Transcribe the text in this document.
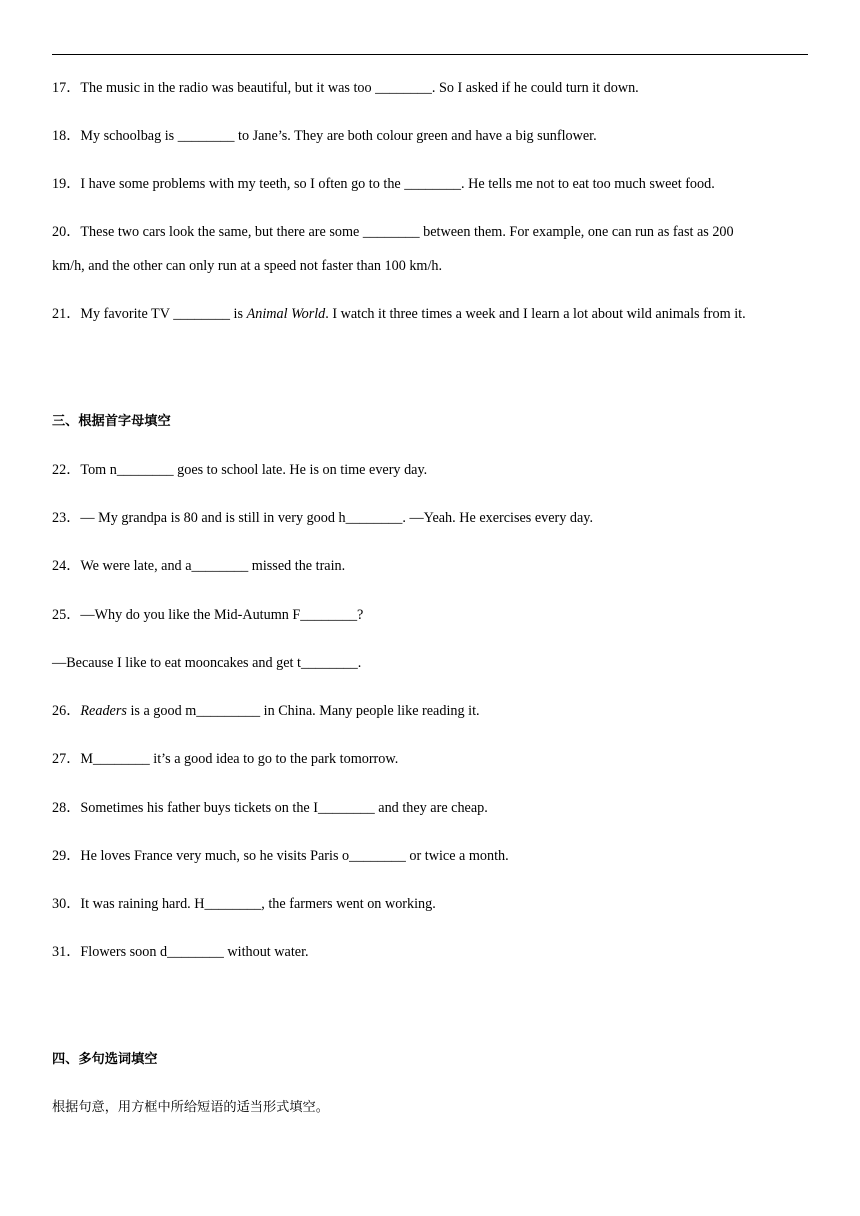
17．The music in the radio was beautiful, but it was too ________. So I asked if he could turn it down.
18．My schoolbag is ________ to Jane’s. They are both colour green and have a big sunflower.
19．I have some problems with my teeth, so I often go to the ________. He tells me not to eat too much sweet food.
20．These two cars look the same, but there are some ________ between them. For example, one can run as fast as 200
km/h, and the other can only run at a speed not faster than 100 km/h.
21．My favorite TV ________ is Animal World. I watch it three times a week and I learn a lot about wild animals from it.
三、根据首字母填空
22．Tom n________ goes to school late. He is on time every day.
23．— My grandpa is 80 and is still in very good h________. —Yeah. He exercises every day.
24．We were late, and a________ missed the train.
25．—Why do you like the Mid-Autumn F________?
—Because I like to eat mooncakes and get t________.
26．Readers is a good m_________ in China. Many people like reading it.
27．M________ it’s a good idea to go to the park tomorrow.
28．Sometimes his father buys tickets on the I________ and they are cheap.
29．He loves France very much, so he visits Paris o________ or twice a month.
30．It was raining hard. H________, the farmers went on working.
31．Flowers soon d________ without water.
四、多句选词填空
根据句意，用方框中所给短语的适当形式填空。
